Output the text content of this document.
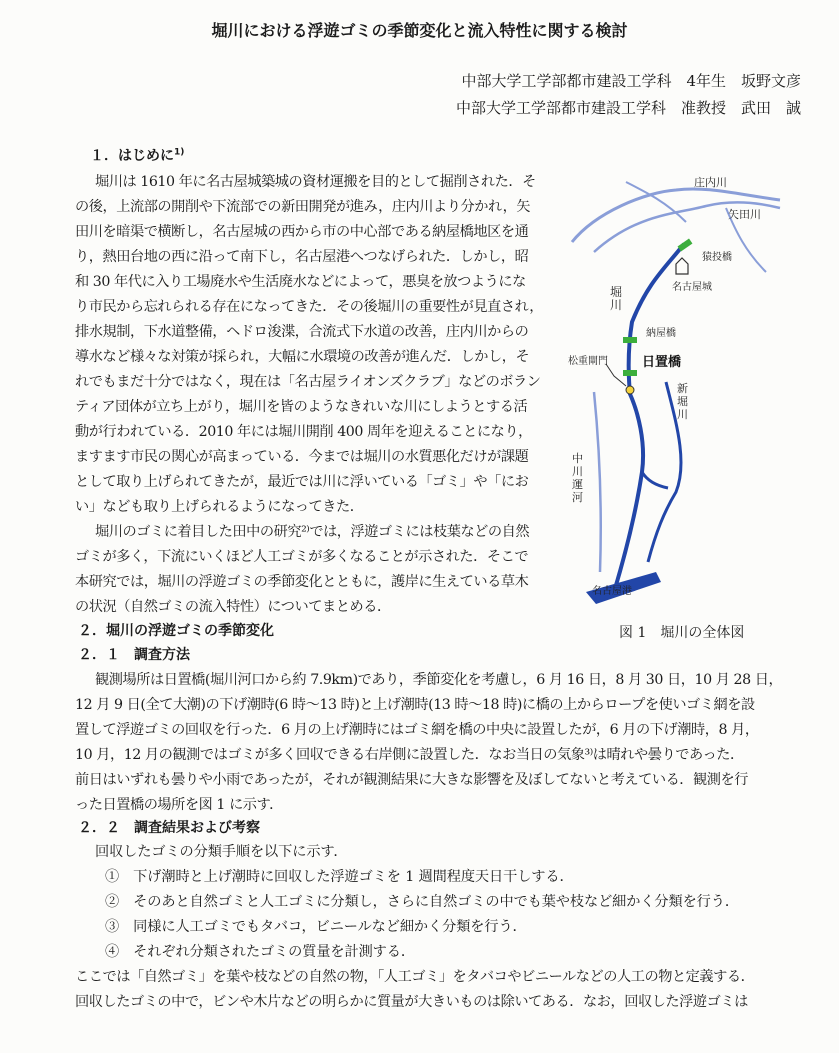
堀川における浮遊ゴミの季節変化と流入特性に関する検討
中部大学工学部都市建設工学科　4年生　坂野文彦
中部大学工学部都市建設工学科　准教授　武田　誠
１．はじめに$^{1)}$
堀川は 1610 年に名古屋城築城の資材運搬を目的として掘削された．そ
の後，上流部の開削や下流部での新田開発が進み，庄内川より分かれ，矢
田川を暗渠で横断し，名古屋城の西から市の中心部である納屋橋地区を通
り，熱田台地の西に沿って南下し，名古屋港へつなげられた．しかし，昭
和 30 年代に入り工場廃水や生活廃水などによって，悪臭を放つようにな
り市民から忘れられる存在になってきた．その後堀川の重要性が見直され，
排水規制，下水道整備，ヘドロ浚渫，合流式下水道の改善，庄内川からの
導水など様々な対策が採られ，大幅に水環境の改善が進んだ．しかし，そ
れでもまだ十分ではなく，現在は「名古屋ライオンズクラブ」などのボラン
ティア団体が立ち上がり，堀川を皆のようなきれいな川にしようとする活
動が行われている．2010 年には堀川開削 400 周年を迎えることになり，
ますます市民の関心が高まっている．今までは堀川の水質悪化だけが課題
として取り上げられてきたが，最近では川に浮いている「ゴミ」や「にお
い」なども取り上げられるようになってきた．
堀川のゴミに着目した田中の研究²⁾では，浮遊ゴミには枝葉などの自然
ゴミが多く，下流にいくほど人工ゴミが多くなることが示された．そこで
本研究では，堀川の浮遊ゴミの季節変化とともに，護岸に生えている草木
の状況（自然ゴミの流入特性）についてまとめる．
２．堀川の浮遊ゴミの季節変化
２．１　調査方法
観測場所は日置橋(堀川河口から約 7.9km)であり，季節変化を考慮し，6 月 16 日，8 月 30 日，10 月 28 日，
12 月 9 日(全て大潮)の下げ潮時(6 時～13 時)と上げ潮時(13 時～18 時)に橋の上からロープを使いゴミ網を設
置して浮遊ゴミの回収を行った．6 月の上げ潮時にはゴミ網を橋の中央に設置したが，6 月の下げ潮時，8 月，
10 月，12 月の観測ではゴミが多く回収できる右岸側に設置した．なお当日の気象³⁾は晴れや曇りであった．
前日はいずれも曇りや小雨であったが，それが観測結果に大きな影響を及ぼしてないと考えている．観測を行
った日置橋の場所を図 1 に示す．
２．２　調査結果および考察
回収したゴミの分類手順を以下に示す．
①　下げ潮時と上げ潮時に回収した浮遊ゴミを 1 週間程度天日干しする．
②　そのあと自然ゴミと人工ゴミに分類し，さらに自然ゴミの中でも葉や枝など細かく分類を行う．
③　同様に人工ゴミでもタバコ，ビニールなど細かく分類を行う．
④　それぞれ分類されたゴミの質量を計測する．
ここでは「自然ゴミ」を葉や枝などの自然の物，「人工ゴミ」をタバコやビニールなどの人工の物と定義する．
回収したゴミの中で，ビンや木片などの明らかに質量が大きいものは除いてある．なお，回収した浮遊ゴミは
庄内川
矢田川
猿投橋
名古屋城
納屋橋
日置橋
松重閘門
名古屋港
堀川
新堀川
中川運河
図 1　堀川の全体図
